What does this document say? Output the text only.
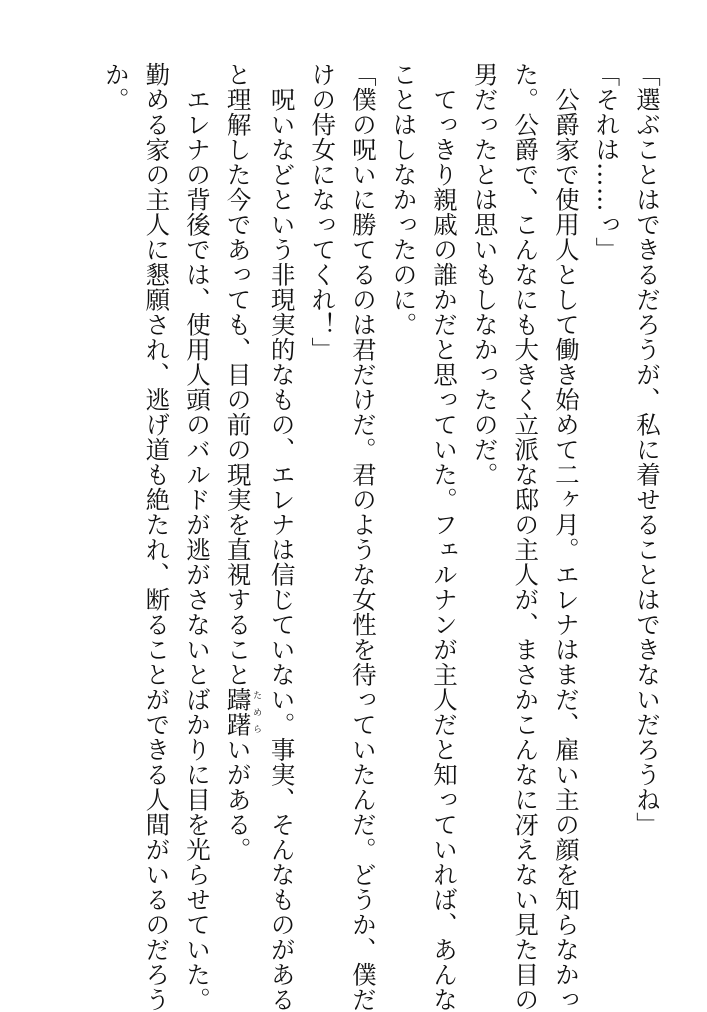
「選ぶことはできるだろうが、私に着せることはできないだろうね」
「それは……っ」
　公爵家で使用人として働き始めて二ヶ月。エレナはまだ、雇い主の顔を知らなかっ
た。公爵で、こんなにも大きく立派な邸の主人が、まさかこんなに冴えない見た目の
男だったとは思いもしなかったのだ。
　てっきり親戚の誰かだと思っていた。フェルナンが主人だと知っていれば、あんな
ことはしなかったのに。
「僕の呪いに勝てるのは君だけだ。君のような女性を待っていたんだ。どうか、僕だ
けの侍女になってくれ！」
　呪いなどという非現実的なもの、エレナは信じていない。事実、そんなものがある
と理解した今であっても、目の前の現実を直視すること躊躇ためらいがある。
　エレナの背後では、使用人頭のバルドが逃がさないとばかりに目を光らせていた。
勤める家の主人に懇願され、逃げ道も絶たれ、断ることができる人間がいるのだろう
か。
